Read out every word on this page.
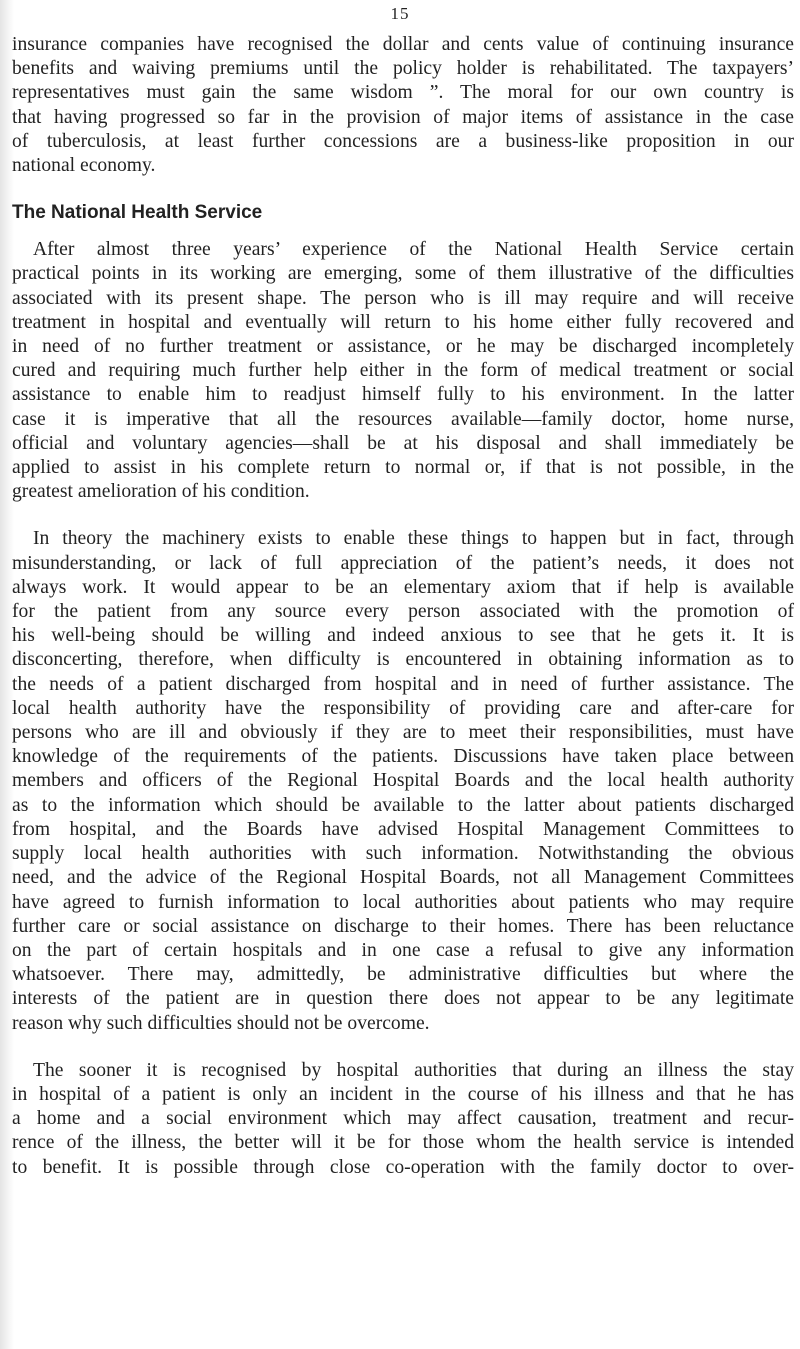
15

insurance companies have recognised the dollar and cents value of continuing insurance
benefits and waiving premiums until the policy holder is rehabilitated. The taxpayers’
representatives must gain the same wisdom ”. The moral for our own country is
that having progressed so far in the provision of major items of assistance in the case
of tuberculosis, at least further concessions are a business-like proposition in our
national economy.

The National Health Service

After almost three years’ experience of the National Health Service certain
practical points in its working are emerging, some of them illustrative of the difficulties
associated with its present shape. The person who is ill may require and will receive
treatment in hospital and eventually will return to his home either fully recovered and
in need of no further treatment or assistance, or he may be discharged incompletely
cured and requiring much further help either in the form of medical treatment or social
assistance to enable him to readjust himself fully to his environment. In the latter
case it is imperative that all the resources available—family doctor, home nurse,
official and voluntary agencies—shall be at his disposal and shall immediately be
applied to assist in his complete return to normal or, if that is not possible, in the
greatest amelioration of his condition.

In theory the machinery exists to enable these things to happen but in fact, through
misunderstanding, or lack of full appreciation of the patient’s needs, it does not
always work. It would appear to be an elementary axiom that if help is available
for the patient from any source every person associated with the promotion of
his well-being should be willing and indeed anxious to see that he gets it. It is
disconcerting, therefore, when difficulty is encountered in obtaining information as to
the needs of a patient discharged from hospital and in need of further assistance. The
local health authority have the responsibility of providing care and after-care for
persons who are ill and obviously if they are to meet their responsibilities, must have
knowledge of the requirements of the patients. Discussions have taken place between
members and officers of the Regional Hospital Boards and the local health authority
as to the information which should be available to the latter about patients discharged
from hospital, and the Boards have advised Hospital Management Committees to
supply local health authorities with such information. Notwithstanding the obvious
need, and the advice of the Regional Hospital Boards, not all Management Committees
have agreed to furnish information to local authorities about patients who may require
further care or social assistance on discharge to their homes. There has been reluctance
on the part of certain hospitals and in one case a refusal to give any information
whatsoever. There may, admittedly, be administrative difficulties but where the
interests of the patient are in question there does not appear to be any legitimate
reason why such difficulties should not be overcome.

The sooner it is recognised by hospital authorities that during an illness the stay
in hospital of a patient is only an incident in the course of his illness and that he has
a home and a social environment which may affect causation, treatment and recur-
rence of the illness, the better will it be for those whom the health service is intended
to benefit. It is possible through close co-operation with the family doctor to over-
